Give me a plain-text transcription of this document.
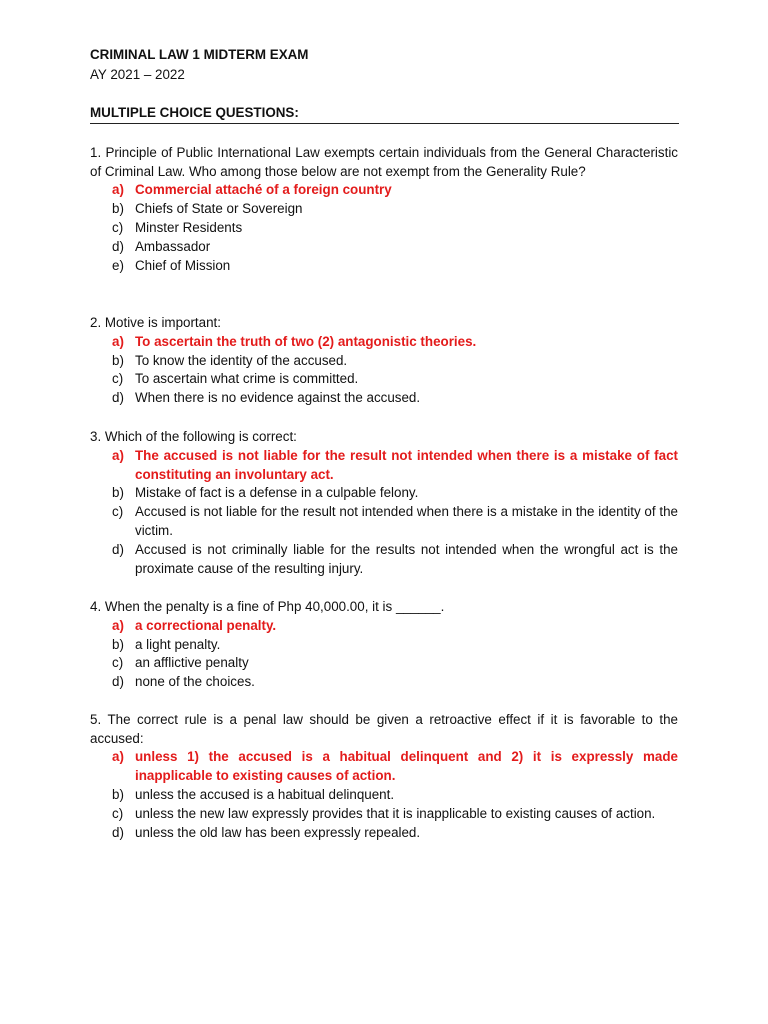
CRIMINAL LAW 1 MIDTERM EXAM
AY 2021 – 2022
MULTIPLE CHOICE QUESTIONS:

1. Principle of Public International Law exempts certain individuals from the General Characteristic of Criminal Law. Who among those below are not exempt from the Generality Rule?

a) Commercial attaché of a foreign country
b) Chiefs of State or Sovereign
c) Minster Residents
d) Ambassador
e) Chief of Mission

2. Motive is important:

a) To ascertain the truth of two (2) antagonistic theories.
b) To know the identity of the accused.
c) To ascertain what crime is committed.
d) When there is no evidence against the accused.

3. Which of the following is correct:

a) The accused is not liable for the result not intended when there is a mistake of fact constituting an involuntary act.
b) Mistake of fact is a defense in a culpable felony.
c) Accused is not liable for the result not intended when there is a mistake in the identity of the victim.
d) Accused is not criminally liable for the results not intended when the wrongful act is the proximate cause of the resulting injury.

4. When the penalty is a fine of Php 40,000.00, it is ______.

a) a correctional penalty.
b) a light penalty.
c) an afflictive penalty
d) none of the choices.

5. The correct rule is a penal law should be given a retroactive effect if it is favorable to the accused:

a) unless 1) the accused is a habitual delinquent and 2) it is expressly made inapplicable to existing causes of action.
b) unless the accused is a habitual delinquent.
c) unless the new law expressly provides that it is inapplicable to existing causes of action.
d) unless the old law has been expressly repealed.
